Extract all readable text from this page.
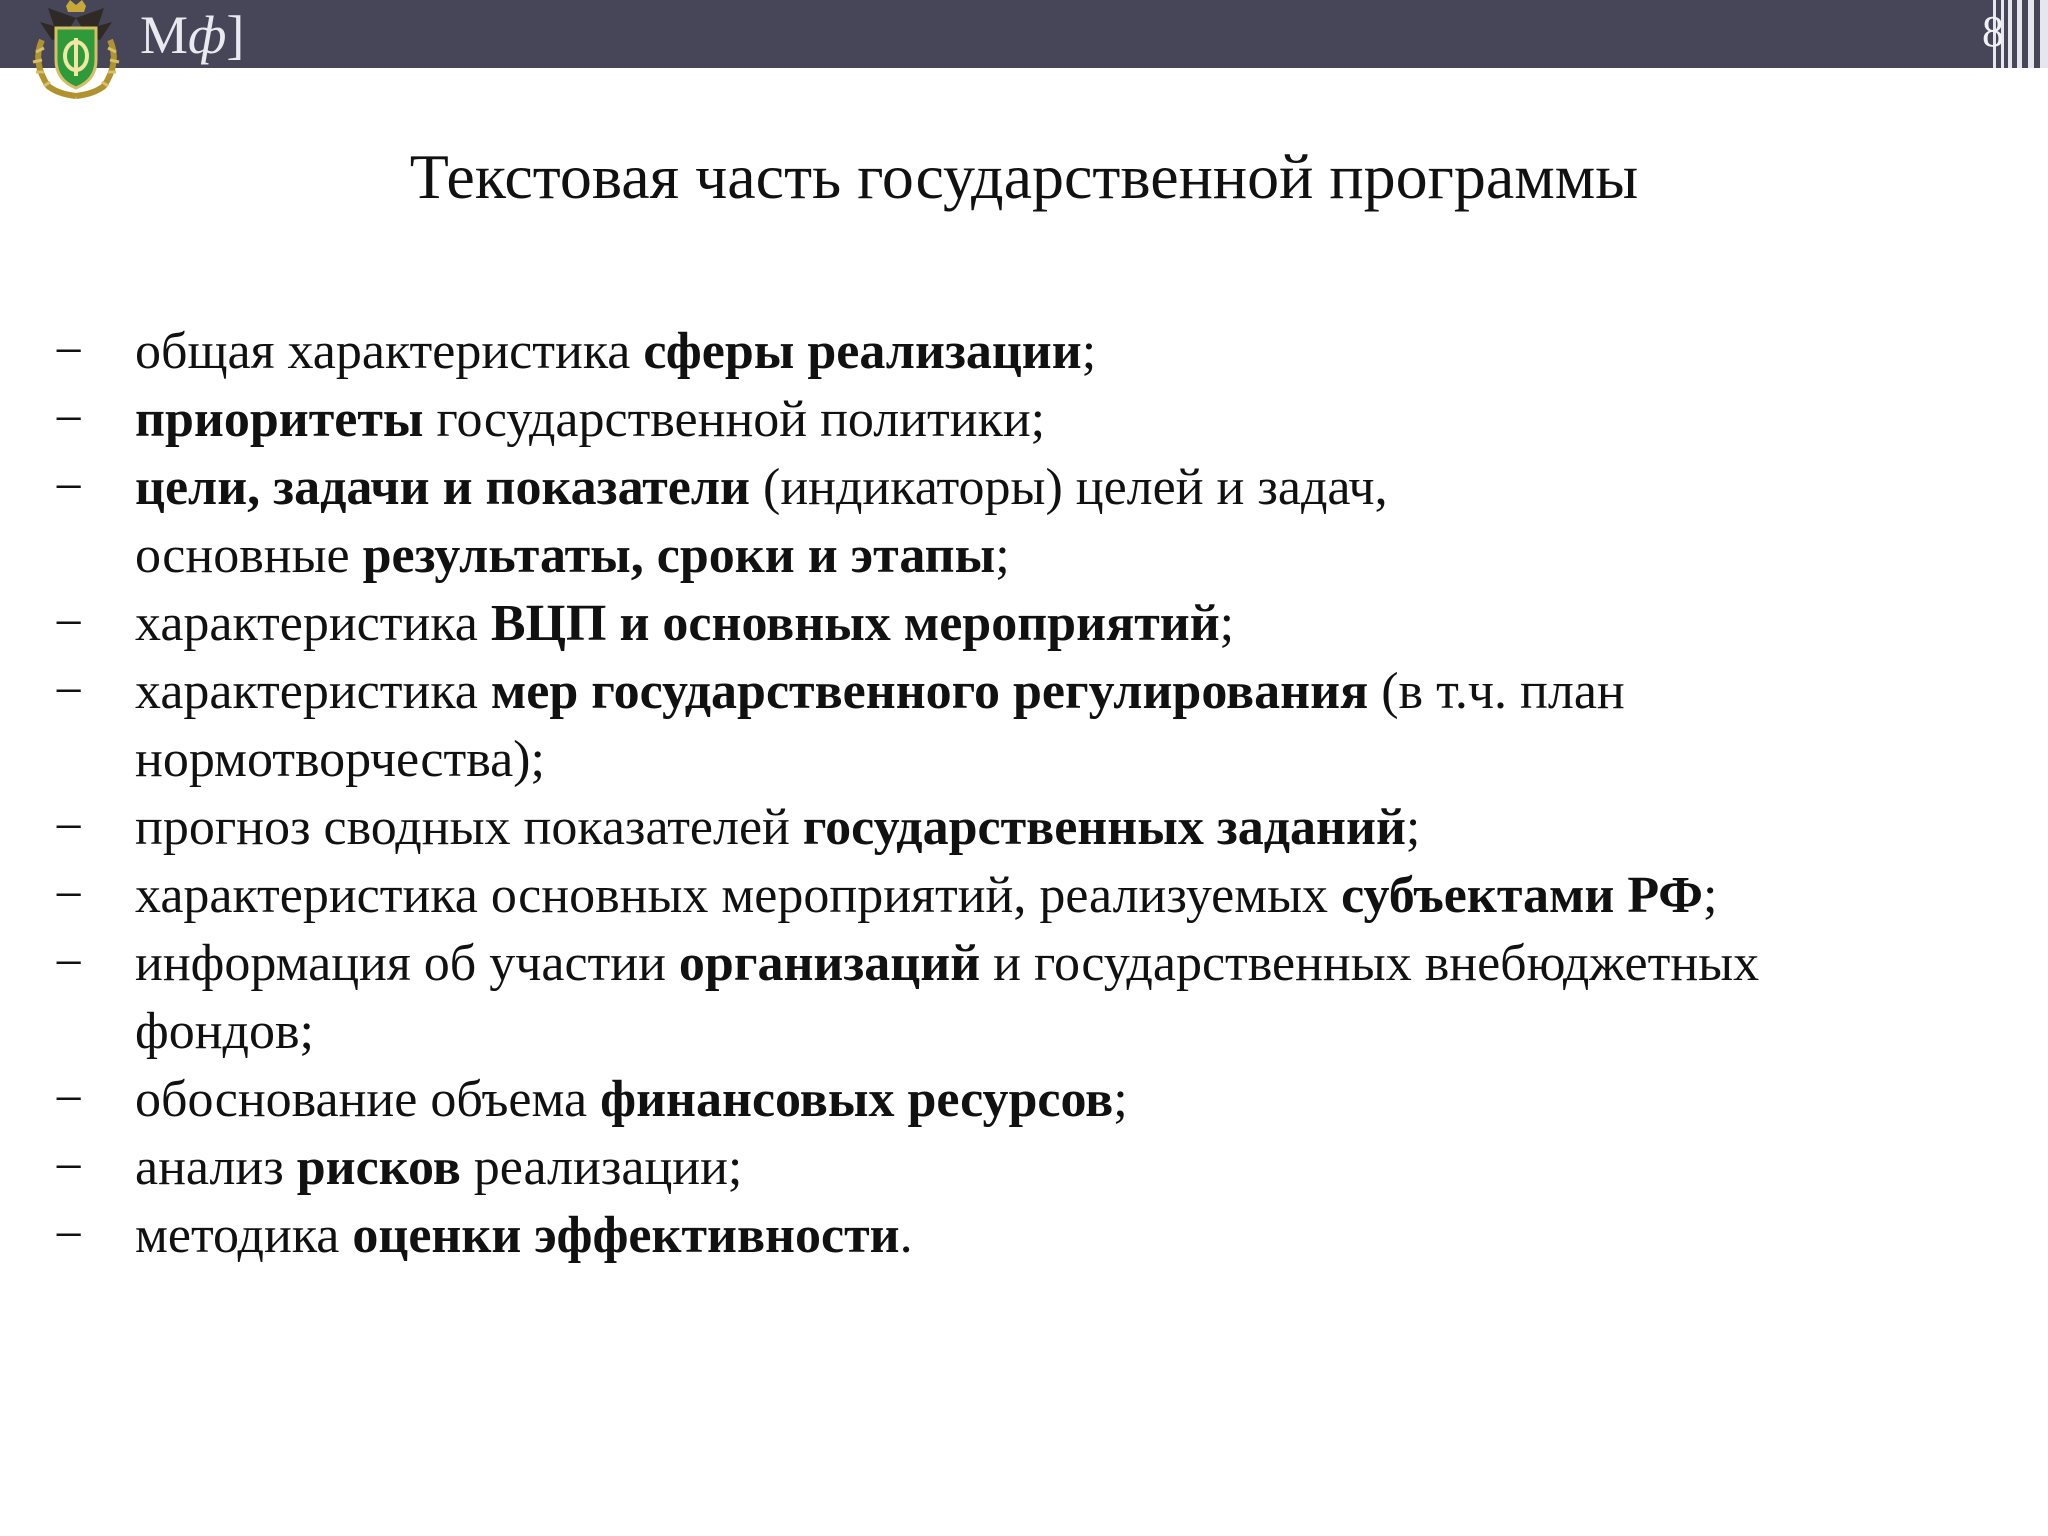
Мф]	8
Текстовая часть государственной программы
− общая характеристика сферы реализации;
− приоритеты государственной политики;
− цели, задачи и показатели (индикаторы) целей и задач,
основные результаты, сроки и этапы;
− характеристика ВЦП и основных мероприятий;
− характеристика мер государственного регулирования (в т.ч. план
нормотворчества);
− прогноз сводных показателей государственных заданий;
− характеристика основных мероприятий, реализуемых субъектами РФ;
− информация об участии организаций и государственных внебюджетных
фондов;
− обоснование объема финансовых ресурсов;
− анализ рисков реализации;
− методика оценки эффективности.
